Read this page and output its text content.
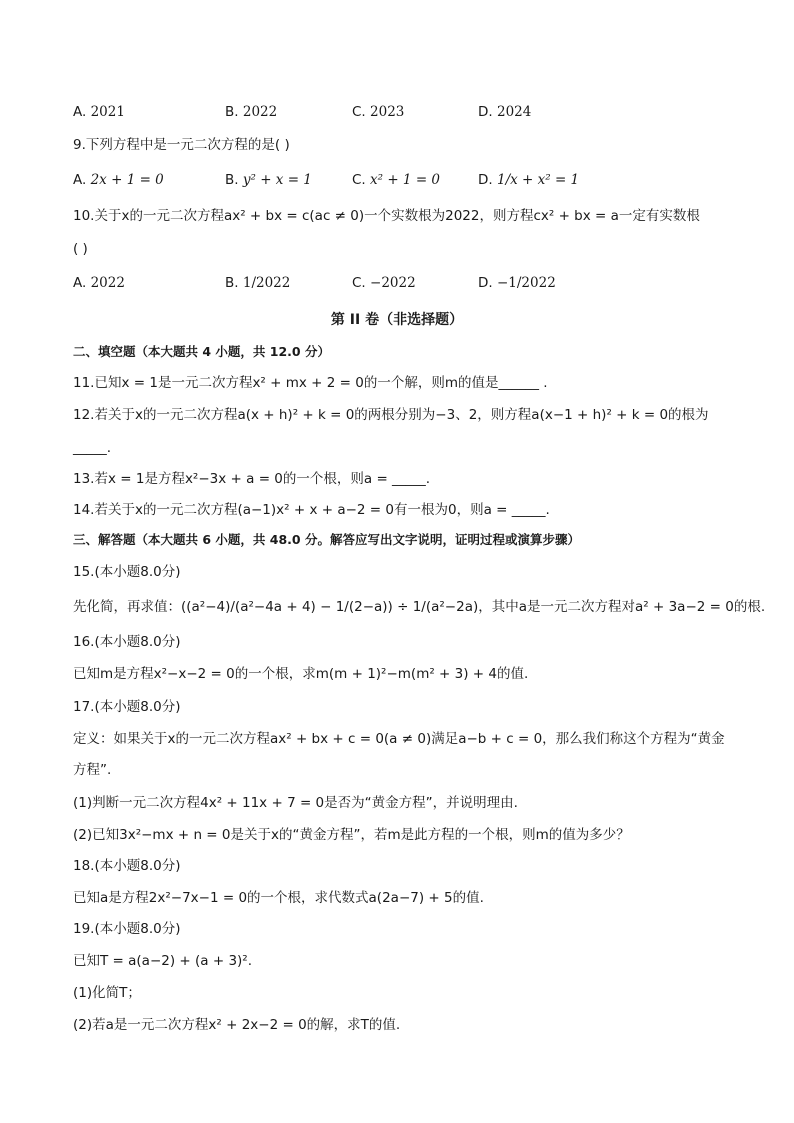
A. 2021	B. 2022	C. 2023	D. 2024
9.下列方程中是一元二次方程的是( )
A. 2x + 1 = 0	B. y² + x = 1	C. x² + 1 = 0	D. 1/x + x² = 1
10.关于x的一元二次方程ax² + bx = c(ac ≠ 0)一个实数根为2022，则方程cx² + bx = a一定有实数根
( )
A. 2022	B. 1/2022	C. −2022	D. −1/2022
第 II 卷（非选择题）
二、填空题（本大题共 4 小题，共 12.0 分）
11.已知x = 1是一元二次方程x² + mx + 2 = 0的一个解，则m的值是______ .
12.若关于x的一元二次方程a(x + h)² + k = 0的两根分别为−3、2，则方程a(x−1 + h)² + k = 0的根为
_____.
13.若x = 1是方程x²−3x + a = 0的一个根，则a = _____.
14.若关于x的一元二次方程(a−1)x² + x + a−2 = 0有一根为0，则a = _____.
三、解答题（本大题共 6 小题，共 48.0 分。解答应写出文字说明，证明过程或演算步骤）
15.(本小题8.0分)
先化简，再求值：((a²−4)/(a²−4a + 4) − 1/(2−a)) ÷ 1/(a²−2a)，其中a是一元二次方程对a² + 3a−2 = 0的根.
16.(本小题8.0分)
已知m是方程x²−x−2 = 0的一个根，求m(m + 1)²−m(m² + 3) + 4的值.
17.(本小题8.0分)
定义：如果关于x的一元二次方程ax² + bx + c = 0(a ≠ 0)满足a−b + c = 0，那么我们称这个方程为“黄金
方程”.
(1)判断一元二次方程4x² + 11x + 7 = 0是否为“黄金方程”，并说明理由.
(2)已知3x²−mx + n = 0是关于x的“黄金方程”，若m是此方程的一个根，则m的值为多少？
18.(本小题8.0分)
已知a是方程2x²−7x−1 = 0的一个根，求代数式a(2a−7) + 5的值.
19.(本小题8.0分)
已知T = a(a−2) + (a + 3)².
(1)化简T；
(2)若a是一元二次方程x² + 2x−2 = 0的解，求T的值.
